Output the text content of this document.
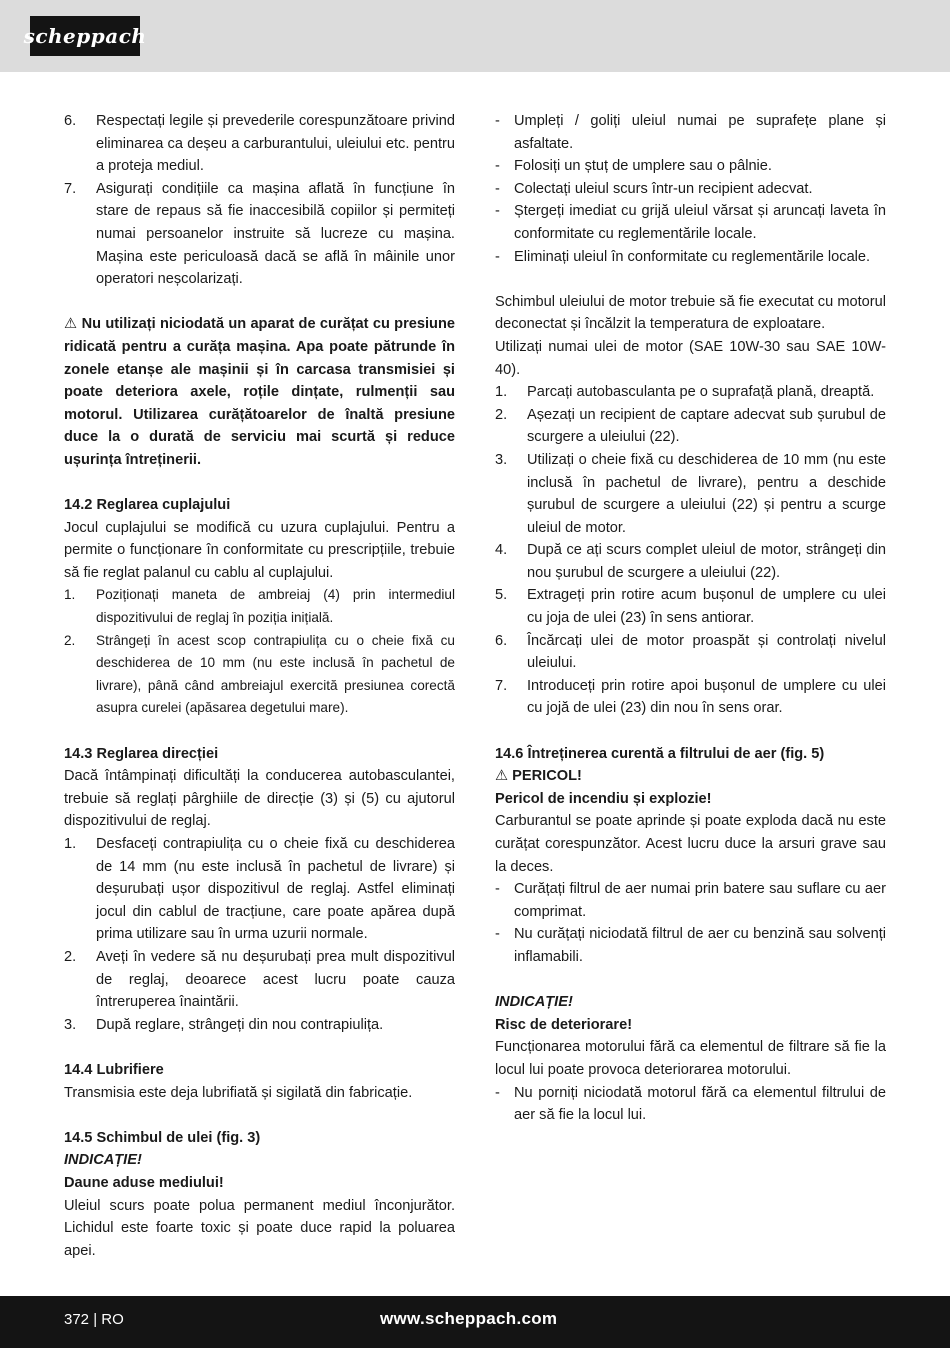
scheppach
6.	Respectați legile și prevederile corespunzătoare privind eliminarea ca deșeu a carburantului, uleiului etc. pentru a proteja mediul.
7.	Asigurați condițiile ca mașina aflată în funcțiune în stare de repaus să fie inaccesibilă copiilor și permiteți numai persoanelor instruite să lucreze cu mașina. Mașina este periculoasă dacă se află în mâinile unor operatori neșcolarizați.

⚠ Nu utilizați niciodată un aparat de curățat cu presiune ridicată pentru a curăța mașina. Apa poate pătrunde în zonele etanșe ale mașinii și în carcasa transmisiei și poate deteriora axele, roțile dințate, rulmenții sau motorul. Utilizarea curățătoarelor de înaltă presiune duce la o durată de serviciu mai scurtă și reduce ușurința întreținerii.

14.2 Reglarea cuplajului

Jocul cuplajului se modifică cu uzura cuplajului. Pentru a permite o funcționare în conformitate cu prescripțiile, trebuie să fie reglat palanul cu cablu al cuplajului.

1.	Poziționați maneta de ambreiaj (4) prin intermediul dispozitivului de reglaj în poziția inițială.
2.	Strângeți în acest scop contrapiulița cu o cheie fixă cu deschiderea de 10 mm (nu este inclusă în pachetul de livrare), până când ambreiajul exercită presiunea corectă asupra curelei (apăsarea degetului mare).

14.3 Reglarea direcției

Dacă întâmpinați dificultăți la conducerea autobasculantei, trebuie să reglați pârghiile de direcție (3) și (5) cu ajutorul dispozitivului de reglaj.

1.	Desfaceți contrapiulița cu o cheie fixă cu deschiderea de 14 mm (nu este inclusă în pachetul de livrare) și deșurubați ușor dispozitivul de reglaj. Astfel eliminați jocul din cablul de tracțiune, care poate apărea după prima utilizare sau în urma uzurii normale.
2.	Aveți în vedere să nu deșurubați prea mult dispozitivul de reglaj, deoarece acest lucru poate cauza întreruperea înaintării.
3.	După reglare, strângeți din nou contrapiulița.

14.4 Lubrifiere

Transmisia este deja lubrifiată și sigilată din fabricație.

14.5 Schimbul de ulei (fig. 3)

INDICAȚIE!

Daune aduse mediului!

Uleiul scurs poate polua permanent mediul înconjurător. Lichidul este foarte toxic și poate duce rapid la poluarea apei.

- Umpleți / goliți uleiul numai pe suprafețe plane și asfaltate.
- Folosiți un ștuț de umplere sau o pâlnie.
- Colectați uleiul scurs într-un recipient adecvat.
- Ștergeți imediat cu grijă uleiul vărsat și aruncați laveta în conformitate cu reglementările locale.
- Eliminați uleiul în conformitate cu reglementările locale.

Schimbul uleiului de motor trebuie să fie executat cu motorul deconectat și încălzit la temperatura de exploatare.

Utilizați numai ulei de motor (SAE 10W-30 sau SAE 10W-40).

1.	Parcați autobasculanta pe o suprafață plană, dreaptă.
2.	Așezați un recipient de captare adecvat sub șurubul de scurgere a uleiului (22).
3.	Utilizați o cheie fixă cu deschiderea de 10 mm (nu este inclusă în pachetul de livrare), pentru a deschide șurubul de scurgere a uleiului (22) și pentru a scurge uleiul de motor.
4.	După ce ați scurs complet uleiul de motor, strângeți din nou șurubul de scurgere a uleiului (22).
5.	Extrageți prin rotire acum bușonul de umplere cu ulei cu joja de ulei (23) în sens antiorar.
6.	Încărcați ulei de motor proaspăt și controlați nivelul uleiului.
7.	Introduceți prin rotire apoi bușonul de umplere cu ulei cu jojă de ulei (23) din nou în sens orar.

14.6 Întreținerea curentă a filtrului de aer (fig. 5)

⚠ PERICOL!

Pericol de incendiu și explozie!

Carburantul se poate aprinde și poate exploda dacă nu este curățat corespunzător. Acest lucru duce la arsuri grave sau la deces.

- Curățați filtrul de aer numai prin batere sau suflare cu aer comprimat.
- Nu curățați niciodată filtrul de aer cu benzină sau solvenți inflamabili.

INDICAȚIE!

Risc de deteriorare!

Funcționarea motorului fără ca elementul de filtrare să fie la locul lui poate provoca deteriorarea motorului.

- Nu porniți niciodată motorul fără ca elementul filtrului de aer să fie la locul lui.
372 | RO	www.scheppach.com
